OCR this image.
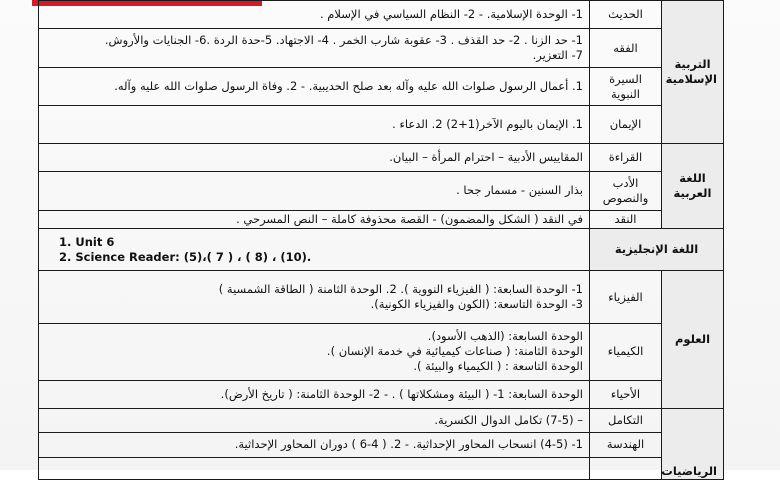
التربية الإسلامية	الحديث	1- الوحدة الإسلامية. - 2- النظام السياسي في الإسلام .

	الفقه	1- حد الزنا . 2- حد القذف . 3- عقوبة شارب الخمر . 4- الاجتهاد. 5-حدة الردة .6- الجنايات والأروش.
7- التعزير.

	السيرة النبوية	1. أعمال الرسول صلوات الله عليه وآله بعد صلح الحديبية. - 2. وفاة الرسول صلوات الله عليه وآله.

	الإيمان	1. الإيمان باليوم الآخر(1+2) 2. الدعاء .

اللغة العربية	القراءة	المقاييس الأدبية – احترام المرأة – البيان.

	الأدب والنصوص	بذار السنين - مسمار جحا .

	النقد	في النقد ( الشكل والمضمون) - القصة محذوفة كاملة – النص المسرحي .

اللغة الإنجليزية		1. Unit 6
2. Science Reader: (5)،( 7 ) ، ( 8) ، (10).

العلوم	الفيزياء	1- الوحدة السابعة: ( الفيزياء النووية ). 2. الوحدة الثامنة ( الطاقة الشمسية )
3- الوحدة التاسعة: (الكون والفيزياء الكونية).

	الكيمياء	الوحدة السابعة: (الذهب الأسود).
الوحدة الثامنة: ( صناعات كيميائية في خدمة الإنسان ).
الوحدة التاسعة : ( الكيمياء والبيئة ).

	الأحياء	الوحدة السابعة: 1- ( البيئة ومشكلاتها ) . - 2- الوحدة الثامنة: ( تاريخ الأرض).

الرياضيات	التكامل	– (7-5) تكامل الدوال الكسرية.

	الهندسة	1- (4-5) انسحاب المحاور الإحداثية. - 2. ( 4-6 ) دوران المحاور الإحداثية.
